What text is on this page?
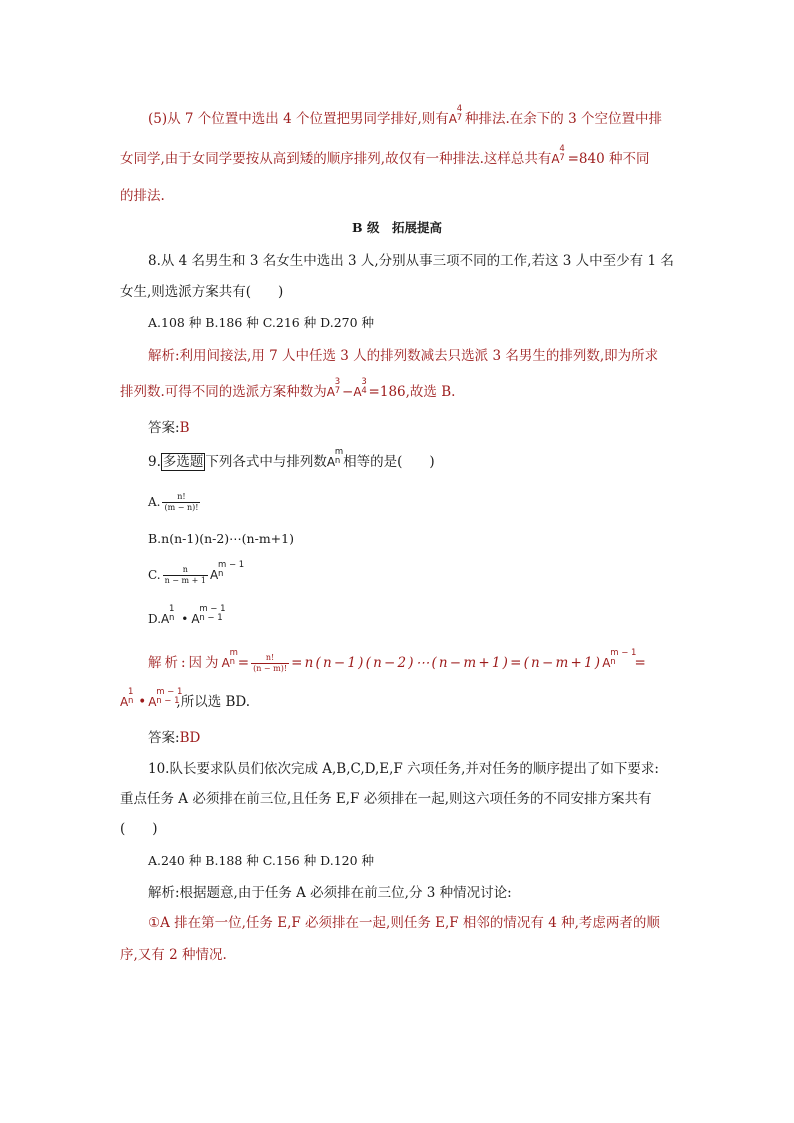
(5)从 7 个位置中选出 4 个位置把男同学排好,则有A
4
7 种排法.在余下的 3 个空位置中排
女同学,由于女同学要按从高到矮的顺序排列,故仅有一种排法.这样总共有A
4
7 =840 种不同
的排法.
B 级　拓展提高
8.从 4 名男生和 3 名女生中选出 3 人,分别从事三项不同的工作,若这 3 人中至少有 1 名
女生,则选派方案共有(　　)
A.108 种 B.186 种 C.216 种 D.270 种
解析:利用间接法,用 7 人中任选 3 人的排列数减去只选派 3 名男生的排列数,即为所求
排列数.可得不同的选派方案种数为A
3
7 −A
3
4 =186,故选 B.
答案:B
9. 多选题 下列各式中与排列数A
m
n 相等的是(　　)
A. $\frac{n!}{(m - n)!}$
B.n(n-1)(n-2)⋯(n-m+1)
C. $\frac{n}{n - m + 1}$ A
m − 1
n
D.A
1
n • A
m − 1
n − 1
解析:因为A
m
$n = \frac{n!}{(n - m)!}$ =n(n−1)(n−2)⋯(n−m+1)=(n−m+1)A
m − 1
n	=
A
1
n • A
m − 1
n − 1
,所以选 BD.
答案:BD
10.队长要求队员们依次完成 A,B,C,D,E,F 六项任务,并对任务的顺序提出了如下要求:
重点任务 A 必须排在前三位,且任务 E,F 必须排在一起,则这六项任务的不同安排方案共有
(　　)
A.240 种 B.188 种 C.156 种 D.120 种
解析:根据题意,由于任务 A 必须排在前三位,分 3 种情况讨论:
①A 排在第一位,任务 E,F 必须排在一起,则任务 E,F 相邻的情况有 4 种,考虑两者的顺
序,又有 2 种情况.
